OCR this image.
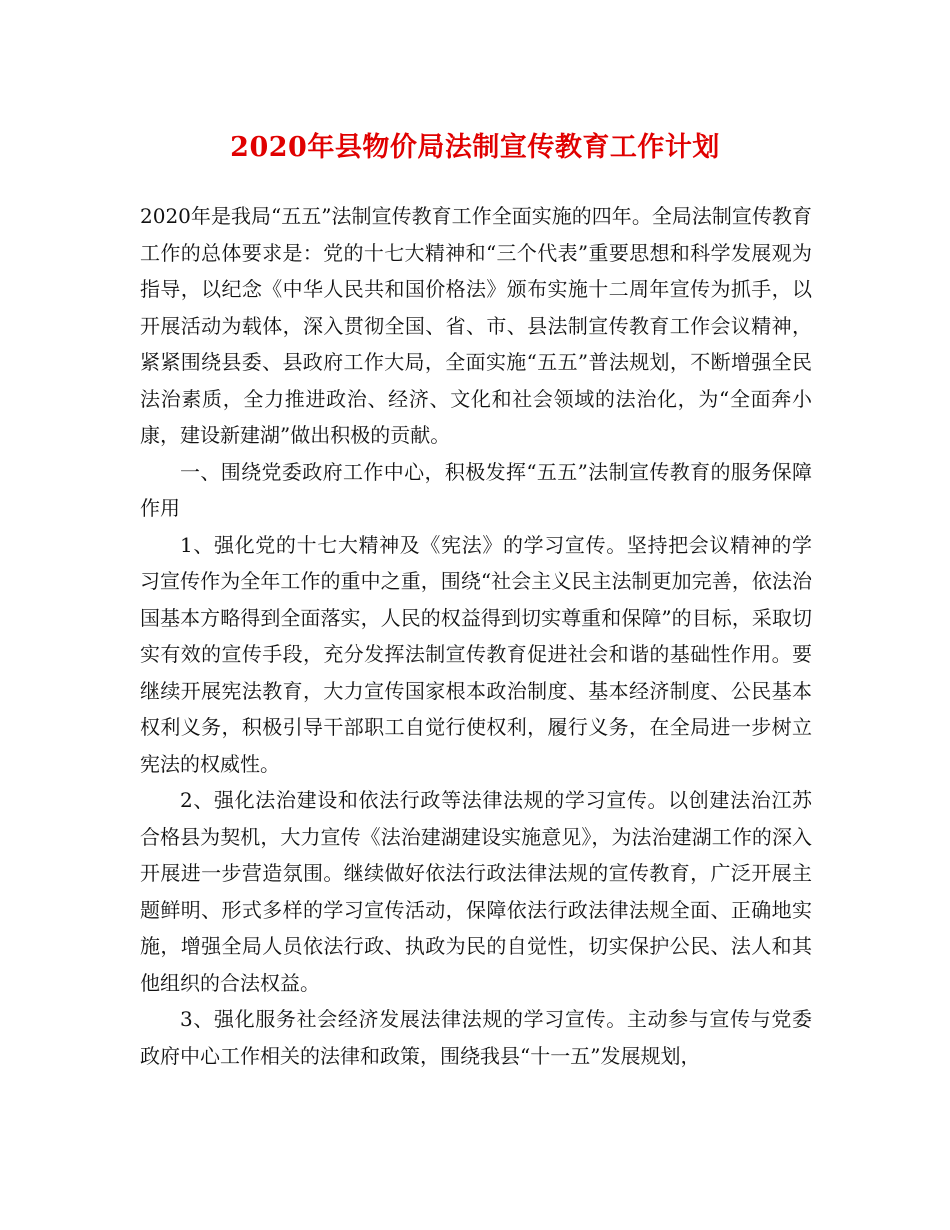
2020年县物价局法制宣传教育工作计划

2020年是我局“五五”法制宣传教育工作全面实施的四年。全局法制宣传教育工作的总体要求是：党的十七大精神和“三个代表”重要思想和科学发展观为指导，以纪念《中华人民共和国价格法》颁布实施十二周年宣传为抓手，以开展活动为载体，深入贯彻全国、省、市、县法制宣传教育工作会议精神，紧紧围绕县委、县政府工作大局，全面实施“五五”普法规划，不断增强全民法治素质，全力推进政治、经济、文化和社会领域的法治化，为“全面奔小康，建设新建湖”做出积极的贡献。

一、围绕党委政府工作中心，积极发挥“五五”法制宣传教育的服务保障作用

1、强化党的十七大精神及《宪法》的学习宣传。坚持把会议精神的学习宣传作为全年工作的重中之重，围绕“社会主义民主法制更加完善，依法治国基本方略得到全面落实，人民的权益得到切实尊重和保障”的目标，采取切实有效的宣传手段，充分发挥法制宣传教育促进社会和谐的基础性作用。要继续开展宪法教育，大力宣传国家根本政治制度、基本经济制度、公民基本权利义务，积极引导干部职工自觉行使权利，履行义务，在全局进一步树立宪法的权威性。

2、强化法治建设和依法行政等法律法规的学习宣传。以创建法治江苏合格县为契机，大力宣传《法治建湖建设实施意见》，为法治建湖工作的深入开展进一步营造氛围。继续做好依法行政法律法规的宣传教育，广泛开展主题鲜明、形式多样的学习宣传活动，保障依法行政法律法规全面、正确地实施，增强全局人员依法行政、执政为民的自觉性，切实保护公民、法人和其他组织的合法权益。

3、强化服务社会经济发展法律法规的学习宣传。主动参与宣传与党委政府中心工作相关的法律和政策，围绕我县“十一五”发展规划，
